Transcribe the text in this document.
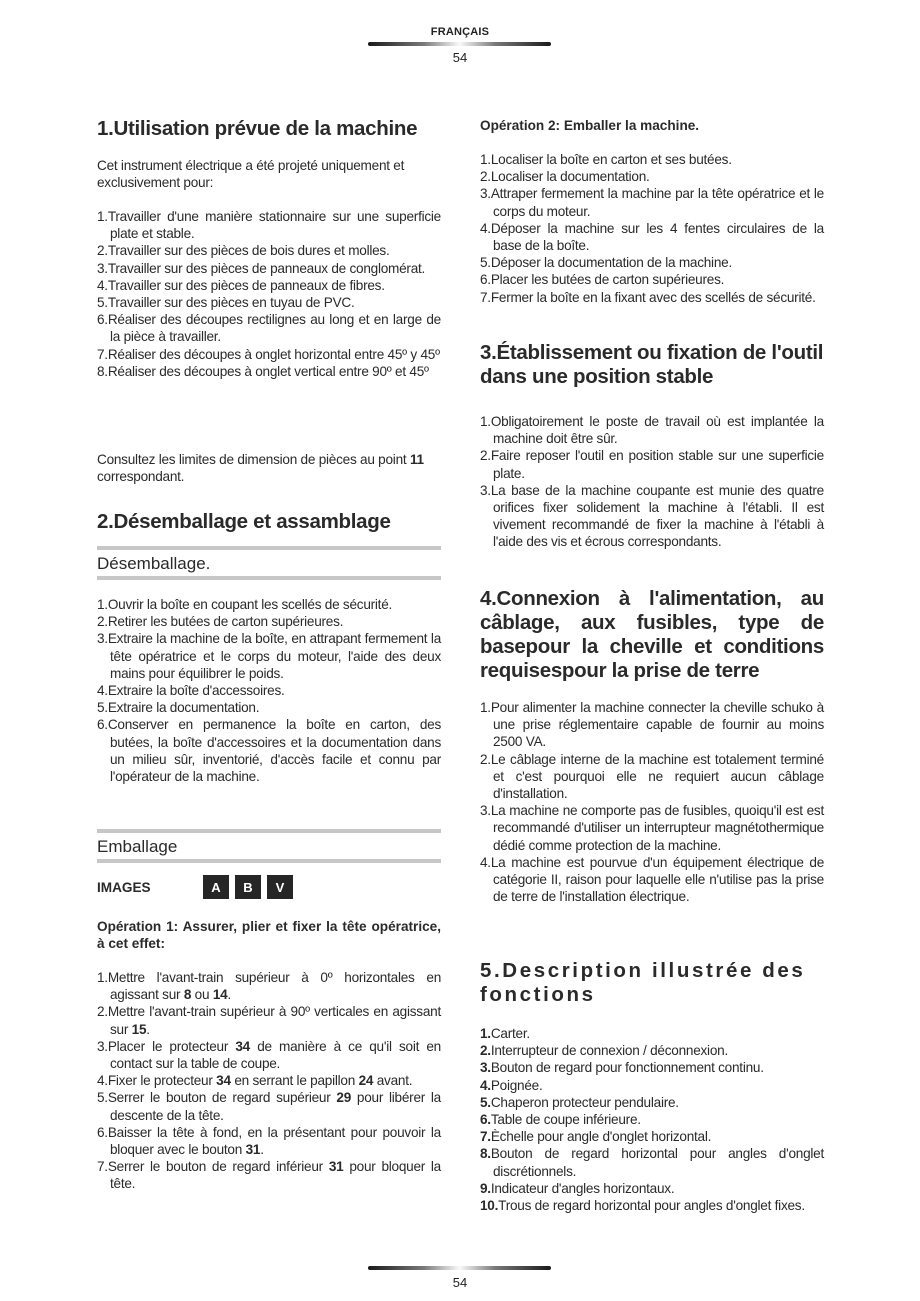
FRANÇAIS
54
1.Utilisation prévue de la machine

Cet instrument électrique a été projeté uniquement et exclusivement pour:

1.Travailler d'une manière stationnaire sur une superficie plate et stable.
2.Travailler sur des pièces de bois dures et molles.
3.Travailler sur des pièces de panneaux de conglomérat.
4.Travailler sur des pièces de panneaux de fibres.
5.Travailler sur des pièces en tuyau de PVC.
6.Réaliser des découpes rectilignes au long et en large de la pièce à travailler.
7.Réaliser des découpes à onglet horizontal entre 45º y 45º
8.Réaliser des découpes à onglet vertical entre 90º et 45º

Consultez les limites de dimension de pièces au point 11 correspondant.

2.Désemballage et assamblage
Désemballage.
1.Ouvrir la boîte en coupant les scellés de sécurité.
2.Retirer les butées de carton supérieures.
3.Extraire la machine de la boîte, en attrapant fermement la tête opératrice et le corps du moteur, l'aide des deux mains pour équilibrer le poids.
4.Extraire la boîte d'accessoires.
5.Extraire la documentation.
6.Conserver en permanence la boîte en carton, des butées, la boîte d'accessoires et la documentation dans un milieu sûr, inventorié, d'accès facile et connu par l'opérateur de la machine.
Emballage
IMAGES	A	B	V
Opération 1: Assurer, plier et fixer la tête opératrice, à cet effet:
1.Mettre l'avant-train supérieur à 0º horizontales en agissant sur 8 ou 14.
2.Mettre l'avant-train supérieur à 90º verticales en agissant sur 15.
3.Placer le protecteur 34 de manière à ce qu'il soit en contact sur la table de coupe.
4.Fixer le protecteur 34 en serrant le papillon 24 avant.
5.Serrer le bouton de regard supérieur 29 pour libérer la descente de la tête.
6.Baisser la tête à fond, en la présentant pour pouvoir la bloquer avec le bouton 31.
7.Serrer le bouton de regard inférieur 31 pour bloquer la tête.
Opération 2: Emballer la machine.
1.Localiser la boîte en carton et ses butées.
2.Localiser la documentation.
3.Attraper fermement la machine par la tête opératrice et le corps du moteur.
4.Déposer la machine sur les 4 fentes circulaires de la base de la boîte.
5.Déposer la documentation de la machine.
6.Placer les butées de carton supérieures.
7.Fermer la boîte en la fixant avec des scellés de sécurité.
3.Établissement ou fixation de l'outil dans une position stable
1.Obligatoirement le poste de travail où est implantée la machine doit être sûr.
2.Faire reposer l'outil en position stable sur une superficie plate.
3.La base de la machine coupante est munie des quatre orifices fixer solidement la machine à l'établi. Il est vivement recommandé de fixer la machine à l'établi à l'aide des vis et écrous correspondants.
4.Connexion à l'alimentation, au câblage, aux fusibles, type de basepour la cheville et conditions requisespour la prise de terre
1.Pour alimenter la machine connecter la cheville schuko à une prise réglementaire capable de fournir au moins 2500 VA.
2.Le câblage interne de la machine est totalement terminé et c'est pourquoi elle ne requiert aucun câblage d'installation.
3.La machine ne comporte pas de fusibles, quoiqu'il est est recommandé d'utiliser un interrupteur magnétothermique dédié comme protection de la machine.
4.La machine est pourvue d'un équipement électrique de catégorie II, raison pour laquelle elle n'utilise pas la prise de terre de l'installation électrique.
5.Description illustrée des fonctions
1.Carter.
2.Interrupteur de connexion / déconnexion.
3.Bouton de regard pour fonctionnement continu.
4.Poignée.
5.Chaperon protecteur pendulaire.
6.Table de coupe inférieure.
7.Èchelle pour angle d'onglet horizontal.
8.Bouton de regard horizontal pour angles d'onglet discrétionnels.
9.Indicateur d'angles horizontaux.
10.Trous de regard horizontal pour angles d'onglet fixes.
54
